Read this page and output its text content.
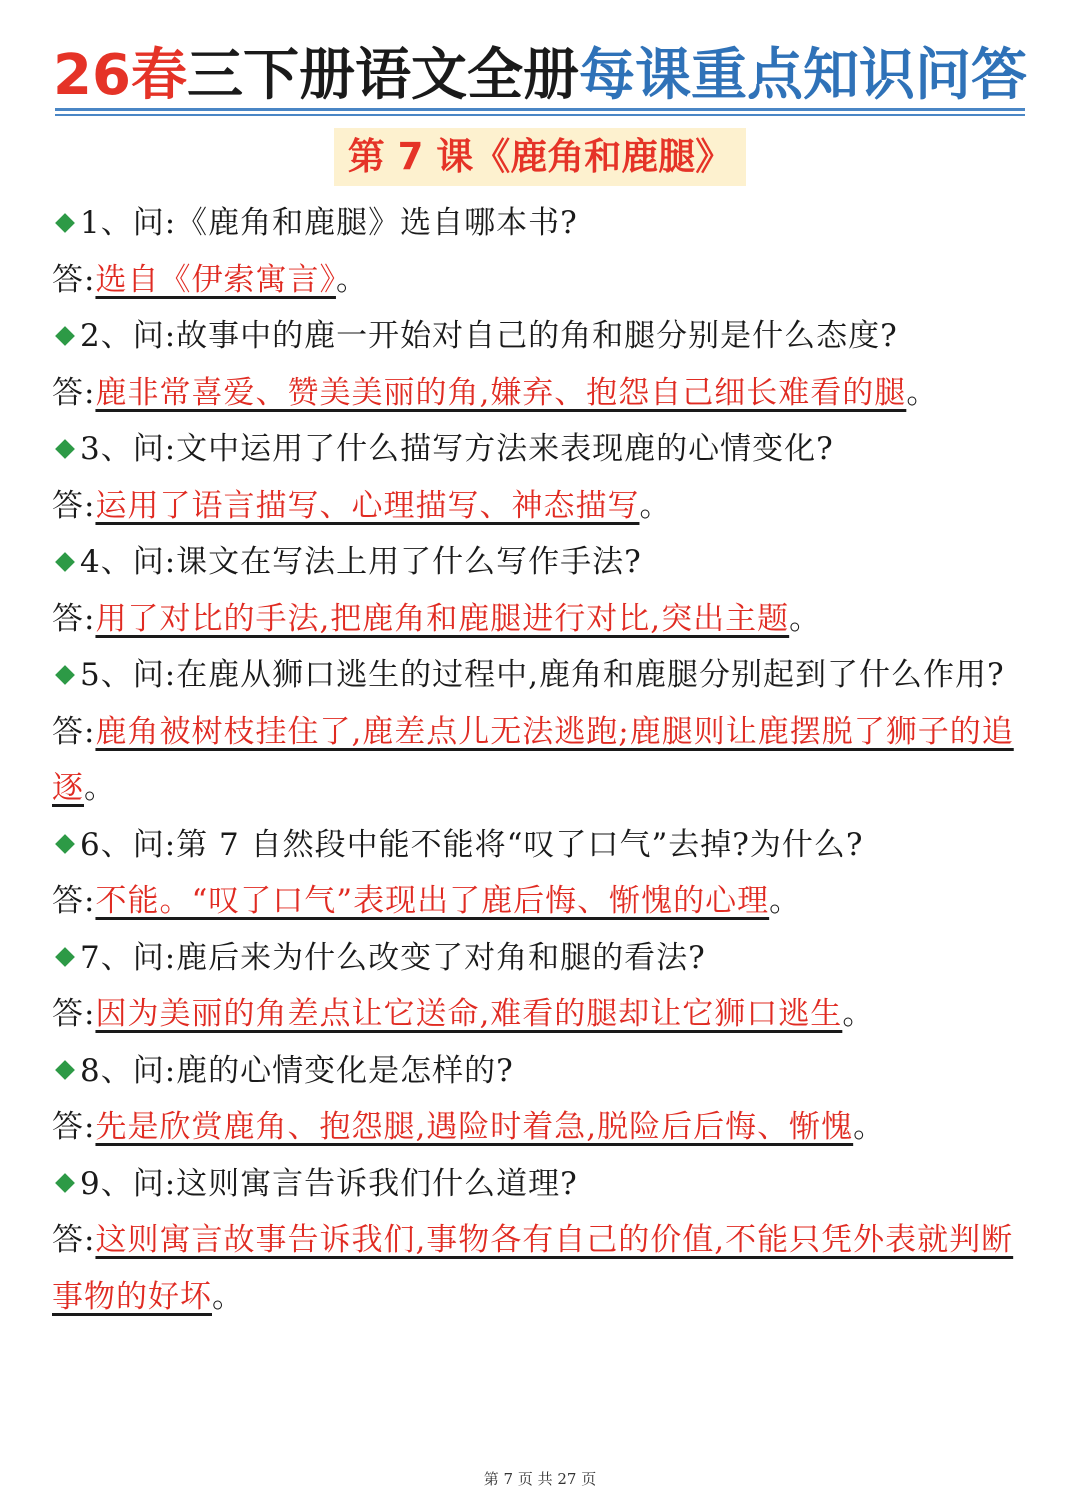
26春三下册语文全册每课重点知识问答
第 7 课《鹿角和鹿腿》
1、问:《鹿角和鹿腿》选自哪本书?
答:选自《伊索寓言》。
2、问:故事中的鹿一开始对自己的角和腿分别是什么态度?
答:鹿非常喜爱、赞美美丽的角,嫌弃、抱怨自己细长难看的腿。
3、问:文中运用了什么描写方法来表现鹿的心情变化?
答:运用了语言描写、心理描写、神态描写。
4、问:课文在写法上用了什么写作手法?
答:用了对比的手法,把鹿角和鹿腿进行对比,突出主题。
5、问:在鹿从狮口逃生的过程中,鹿角和鹿腿分别起到了什么作用?
答:鹿角被树枝挂住了,鹿差点儿无法逃跑;鹿腿则让鹿摆脱了狮子的追逐。
6、问:第 7 自然段中能不能将“叹了口气”去掉?为什么?
答:不能。“叹了口气”表现出了鹿后悔、惭愧的心理。
7、问:鹿后来为什么改变了对角和腿的看法?
答:因为美丽的角差点让它送命,难看的腿却让它狮口逃生。
8、问:鹿的心情变化是怎样的?
答:先是欣赏鹿角、抱怨腿,遇险时着急,脱险后后悔、惭愧。
9、问:这则寓言告诉我们什么道理?
答:这则寓言故事告诉我们,事物各有自己的价值,不能只凭外表就判断事物的好坏。
第 7 页 共 27 页
